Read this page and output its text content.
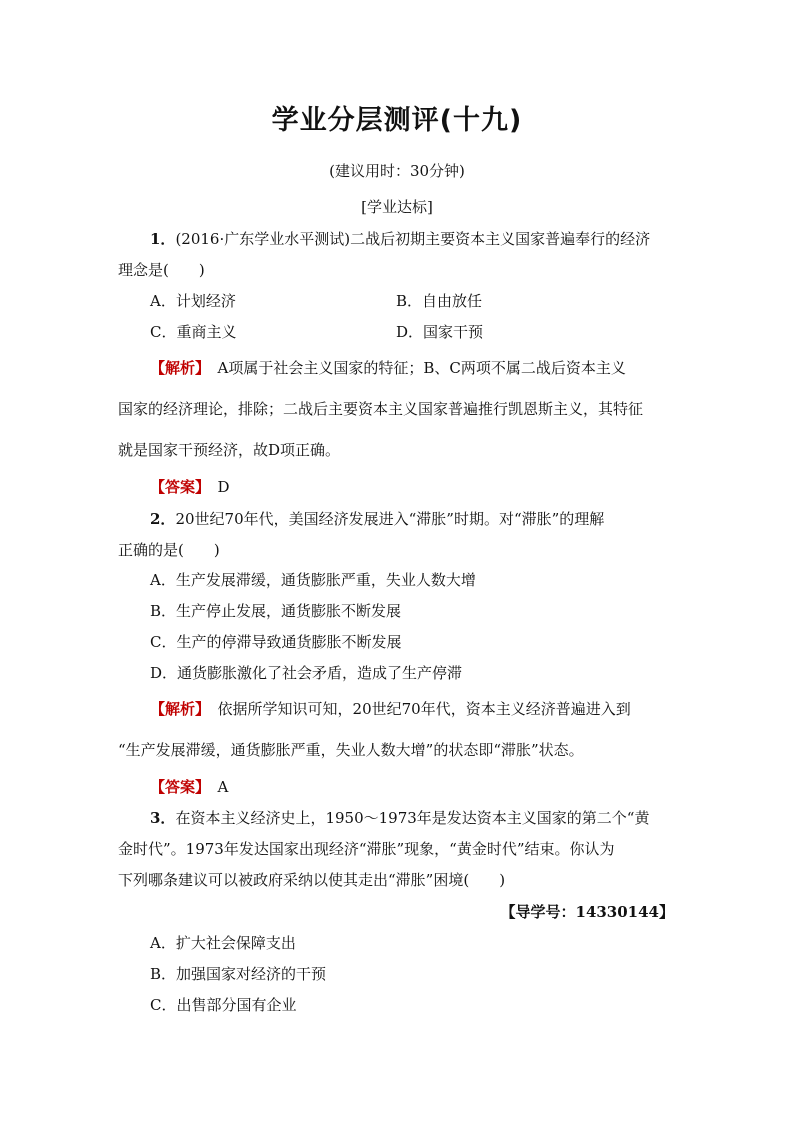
学业分层测评(十九)
(建议用时：30分钟)
[学业达标]
1．(2016·广东学业水平测试)二战后初期主要资本主义国家普遍奉行的经济
理念是(　　)
A．计划经济	B．自由放任
C．重商主义	D．国家干预
【解析】　 A项属于社会主义国家的特征；B、C两项不属二战后资本主义
国家的经济理论，排除；二战后主要资本主义国家普遍推行凯恩斯主义，其特征
就是国家干预经济，故D项正确。
【答案】　 D
2．20世纪70年代，美国经济发展进入“滞胀”时期。对“滞胀”的理解
正确的是(　　)
A．生产发展滞缓，通货膨胀严重，失业人数大增
B．生产停止发展，通货膨胀不断发展
C．生产的停滞导致通货膨胀不断发展
D．通货膨胀激化了社会矛盾，造成了生产停滞
【解析】　 依据所学知识可知，20世纪70年代，资本主义经济普遍进入到
“生产发展滞缓，通货膨胀严重，失业人数大增”的状态即“滞胀”状态。
【答案】　 A
3．在资本主义经济史上，1950～1973年是发达资本主义国家的第二个“黄
金时代”。1973年发达国家出现经济“滞胀”现象，“黄金时代”结束。你认为
下列哪条建议可以被政府采纳以使其走出“滞胀”困境(　　)
【导学号：14330144】
A．扩大社会保障支出
B．加强国家对经济的干预
C．出售部分国有企业
